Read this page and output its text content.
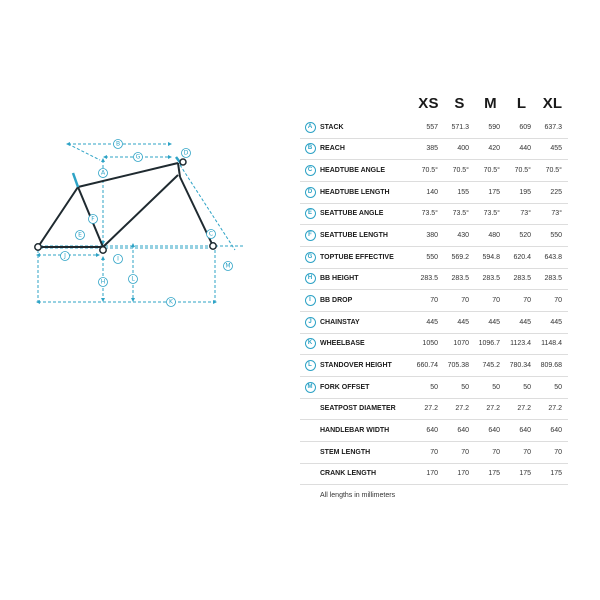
B
G
D
A
F
E
J	I
H	L
K
C
M
XS	S	M	L	XL
A	STACK	557	571.3	590	609	637.3
B	REACH	385	400	420	440	455
C	HEADTUBE ANGLE	70.5°	70.5°	70.5°	70.5°	70.5°
D	HEADTUBE LENGTH	140	155	175	195	225
E	SEATTUBE ANGLE	73.5°	73.5°	73.5°	73°	73°
F	SEATTUBE LENGTH	380	430	480	520	550
G	TOPTUBE EFFECTIVE	550	569.2	594.8	620.4	643.8
H	BB HEIGHT	283.5	283.5	283.5	283.5	283.5
I	BB DROP	70	70	70	70	70
J	CHAINSTAY	445	445	445	445	445
K	WHEELBASE	1050	1070	1096.7	1123.4	1148.4
L	STANDOVER HEIGHT	660.74	705.38	745.2	780.34	809.68
M	FORK OFFSET	50	50	50	50	50
SEATPOST DIAMETER	27.2	27.2	27.2	27.2	27.2
HANDLEBAR WIDTH	640	640	640	640	640
STEM LENGTH	70	70	70	70	70
CRANK LENGTH	170	170	175	175	175
All lengths in millimeters
